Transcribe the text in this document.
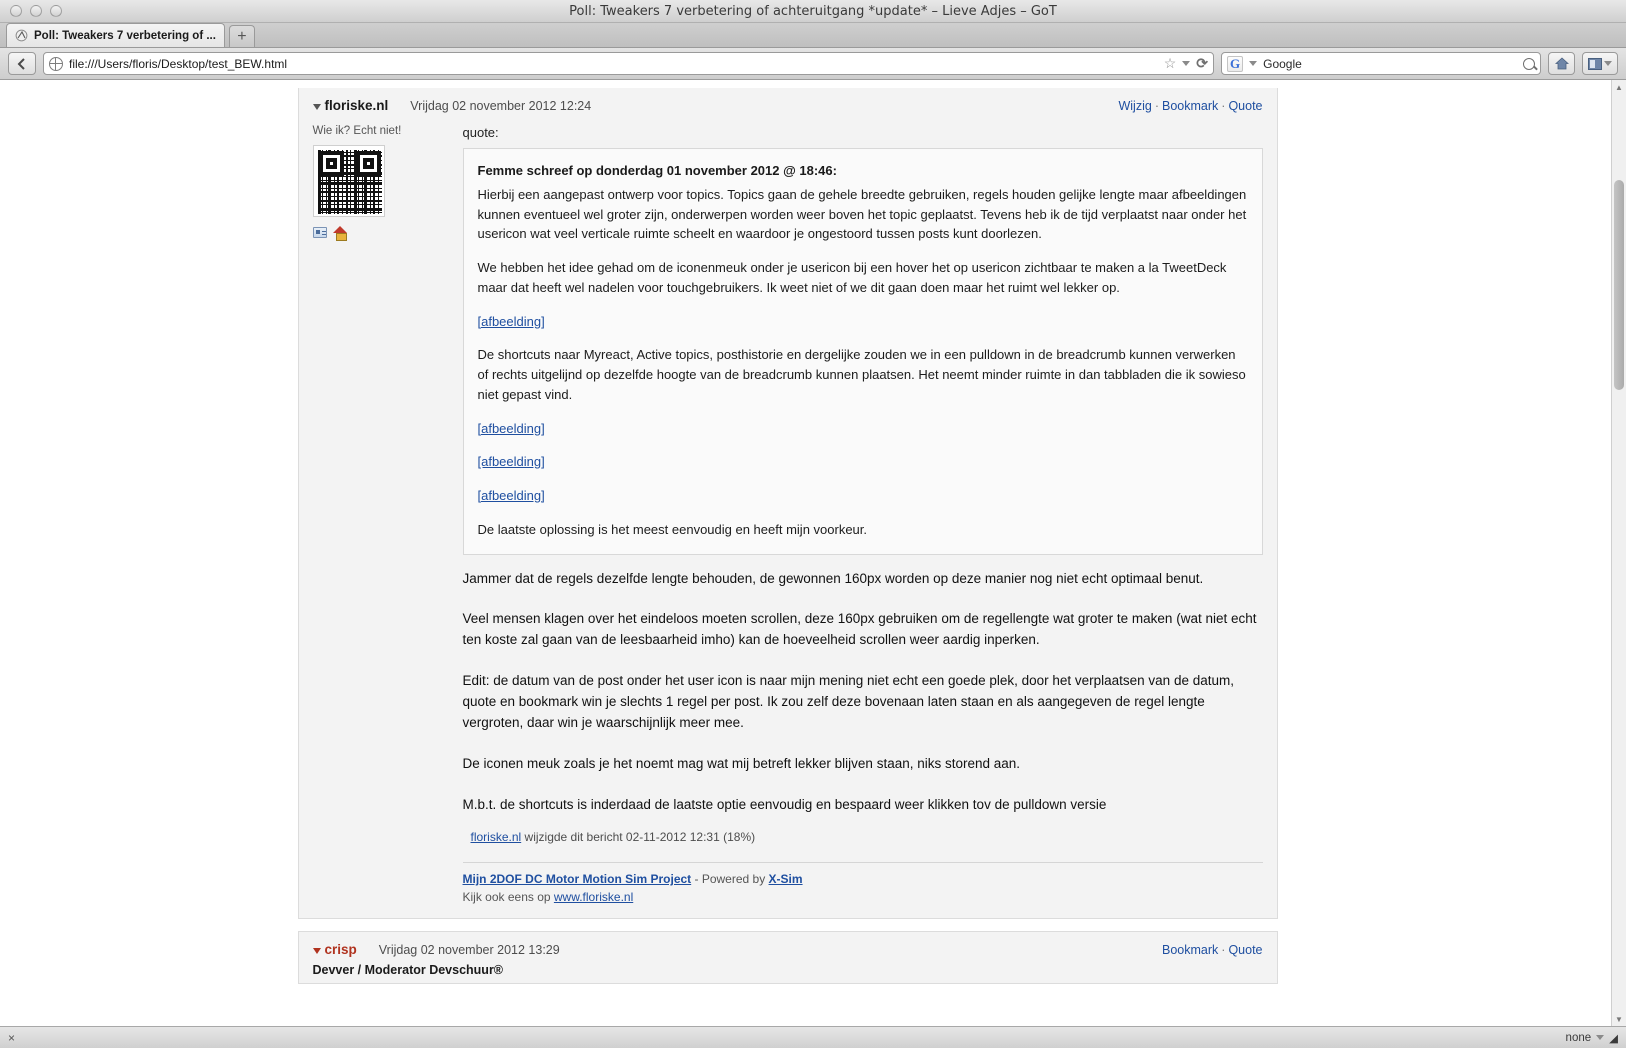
Poll: Tweakers 7 verbetering of achteruitgang *update* – Lieve Adjes – GoT
Poll: Tweakers 7 verbetering of ...	+
file:///Users/floris/Desktop/test_BEW.html	☆ ⟳ G Google
floriske.nl Vrijdag 02 november 2012 12:24	Wijzig · Bookmark · Quote
Wie ik? Echt niet!	quote:
Femme schreef op donderdag 01 november 2012 @ 18:46:

Hierbij een aangepast ontwerp voor topics. Topics gaan de gehele breedte gebruiken, regels houden gelijke lengte maar afbeeldingen kunnen eventueel wel groter zijn, onderwerpen worden weer boven het topic geplaatst. Tevens heb ik de tijd verplaatst naar onder het usericon wat veel verticale ruimte scheelt en waardoor je ongestoord tussen posts kunt doorlezen.

We hebben het idee gehad om de iconenmeuk onder je usericon bij een hover het op usericon zichtbaar te maken a la TweetDeck maar dat heeft wel nadelen voor touchgebruikers. Ik weet niet of we dit gaan doen maar het ruimt wel lekker op.

[afbeelding]

De shortcuts naar Myreact, Active topics, posthistorie en dergelijke zouden we in een pulldown in de breadcrumb kunnen verwerken of rechts uitgelijnd op dezelfde hoogte van de breadcrumb kunnen plaatsen. Het neemt minder ruimte in dan tabbladen die ik sowieso niet gepast vind.

[afbeelding]

[afbeelding]

[afbeelding]

De laatste oplossing is het meest eenvoudig en heeft mijn voorkeur.

Jammer dat de regels dezelfde lengte behouden, de gewonnen 160px worden op deze manier nog niet echt optimaal benut.

Veel mensen klagen over het eindeloos moeten scrollen, deze 160px gebruiken om de regellengte wat groter te maken (wat niet echt ten koste zal gaan van de leesbaarheid imho) kan de hoeveelheid scrollen weer aardig inperken.

Edit: de datum van de post onder het user icon is naar mijn mening niet echt een goede plek, door het verplaatsen van de datum, quote en bookmark win je slechts 1 regel per post. Ik zou zelf deze bovenaan laten staan en als aangegeven de regel lengte vergroten, daar win je waarschijnlijk meer mee.

De iconen meuk zoals je het noemt mag wat mij betreft lekker blijven staan, niks storend aan.

M.b.t. de shortcuts is inderdaad de laatste optie eenvoudig en bespaard weer klikken tov de pulldown versie

floriske.nl wijzigde dit bericht 02-11-2012 12:31 (18%)
Mijn 2DOF DC Motor Motion Sim Project - Powered by X-Sim
Kijk ook eens op www.floriske.nl
crisp Vrijdag 02 november 2012 13:29	Bookmark · Quote
Devver / Moderator Devschuur®
▲
▼
×	none ◢
